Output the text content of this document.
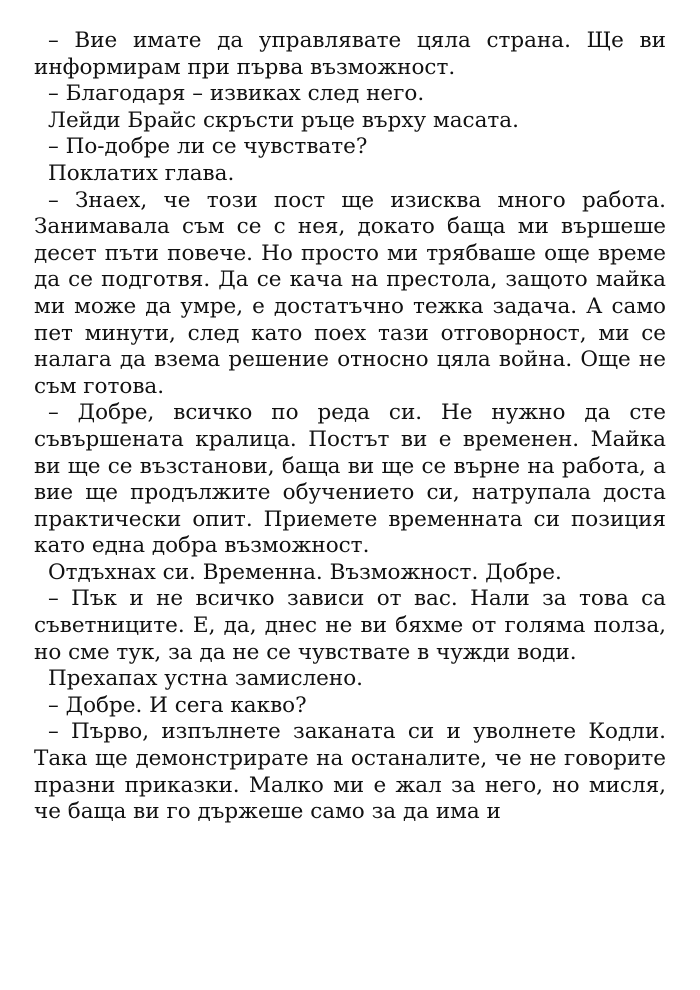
– Вие имате да управлявате цяла страна. Ще ви информирам при първа възможност.

– Благодаря – извиках след него.

Лейди Брайс скръсти ръце върху масата.

– По-добре ли се чувствате?

Поклатих глава.

– Знаех, че този пост ще изисква много работа. Занимавала съм се с нея, докато баща ми вършеше десет пъти повече. Но просто ми трябваше още време да се подготвя. Да се кача на престола, защото майка ми може да умре, е достатъчно тежка задача. А само пет минути, след като поех тази отговорност, ми се налага да взема решение относно цяла война. Още не съм готова.

– Добре, всичко по реда си. Не нужно да сте съвършената кралица. Постът ви е временен. Майка ви ще се възстанови, баща ви ще се върне на работа, а вие ще продължите обучението си, натрупала доста практически опит. Приемете временната си позиция като една добра възможност.

Отдъхнах си. Временна. Възможност. Добре.

– Пък и не всичко зависи от вас. Нали за това са съветниците. Е, да, днес не ви бяхме от голяма полза, но сме тук, за да не се чувствате в чужди води.

Прехапах устна замислено.

– Добре. И сега какво?

– Първо, изпълнете заканата си и уволнете Кодли. Така ще демонстрирате на останалите, че не говорите празни приказки. Малко ми е жал за него, но мисля, че баща ви го държеше само за да има и
